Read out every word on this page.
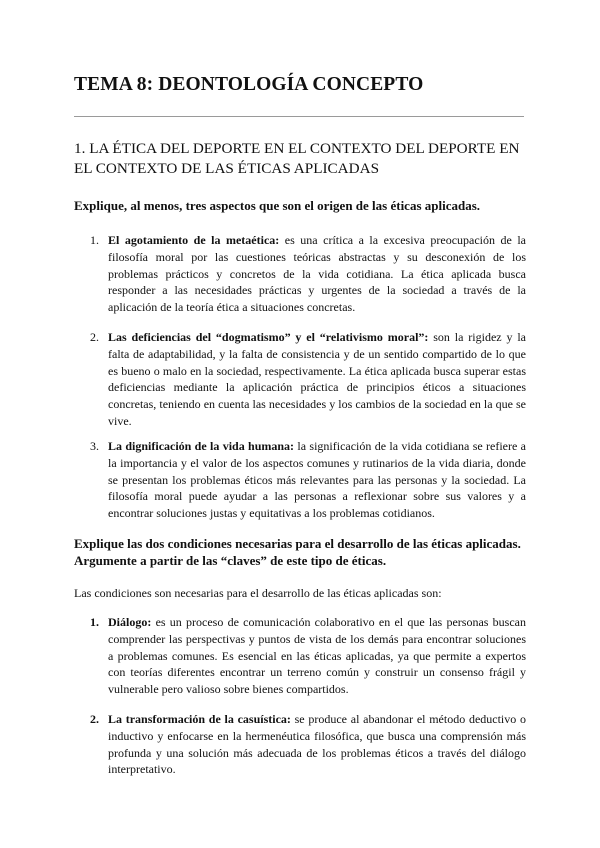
TEMA 8: DEONTOLOGÍA CONCEPTO
1. LA ÉTICA DEL DEPORTE EN EL CONTEXTO DEL DEPORTE EN EL CONTEXTO DE LAS ÉTICAS APLICADAS

Explique, al menos, tres aspectos que son el origen de las éticas aplicadas.

1. El agotamiento de la metaética: es una crítica a la excesiva preocupación de la filosofía moral por las cuestiones teóricas abstractas y su desconexión de los problemas prácticos y concretos de la vida cotidiana. La ética aplicada busca responder a las necesidades prácticas y urgentes de la sociedad a través de la aplicación de la teoría ética a situaciones concretas.

2. Las deficiencias del “dogmatismo” y el “relativismo moral”: son la rigidez y la falta de adaptabilidad, y la falta de consistencia y de un sentido compartido de lo que es bueno o malo en la sociedad, respectivamente. La ética aplicada busca superar estas deficiencias mediante la aplicación práctica de principios éticos a situaciones concretas, teniendo en cuenta las necesidades y los cambios de la sociedad en la que se vive.

3. La dignificación de la vida humana: la significación de la vida cotidiana se refiere a la importancia y el valor de los aspectos comunes y rutinarios de la vida diaria, donde se presentan los problemas éticos más relevantes para las personas y la sociedad. La filosofía moral puede ayudar a las personas a reflexionar sobre sus valores y a encontrar soluciones justas y equitativas a los problemas cotidianos.

Explique las dos condiciones necesarias para el desarrollo de las éticas aplicadas. Argumente a partir de las “claves” de este tipo de éticas.

Las condiciones son necesarias para el desarrollo de las éticas aplicadas son:

1. Diálogo: es un proceso de comunicación colaborativo en el que las personas buscan comprender las perspectivas y puntos de vista de los demás para encontrar soluciones a problemas comunes. Es esencial en las éticas aplicadas, ya que permite a expertos con teorías diferentes encontrar un terreno común y construir un consenso frágil y vulnerable pero valioso sobre bienes compartidos.

2. La transformación de la casuística: se produce al abandonar el método deductivo o inductivo y enfocarse en la hermenéutica filosófica, que busca una comprensión más profunda y una solución más adecuada de los problemas éticos a través del diálogo interpretativo.
